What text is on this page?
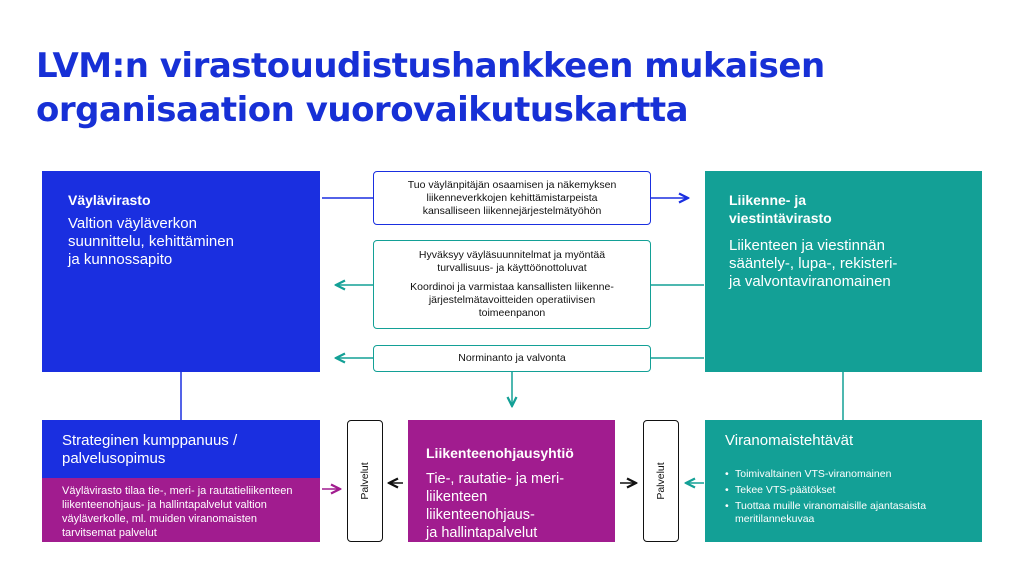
LVM:n virastouudistushankkeen mukaisen
organisaation vuorovaikutuskartta
Väylävirasto
Valtion väyläverkon
suunnittelu, kehittäminen
ja kunnossapito
Liikenne- ja
viestintävirasto
Liikenteen ja viestinnän
sääntely-, lupa-, rekisteri-
ja valvontaviranomainen
Tuo väylänpitäjän osaamisen ja näkemyksen
liikenneverkkojen kehittämistarpeista
kansalliseen liikennejärjestelmätyöhön
Hyväksyy väyläsuunnitelmat ja myöntää
turvallisuus- ja käyttöönottoluvat
Koordinoi ja varmistaa kansallisten liikenne-
järjestelmätavoitteiden operatiivisen
toimeenpanon
Norminanto ja valvonta
Strateginen kumppanuus /
palvelusopimus
Väylävirasto tilaa tie-, meri- ja rautatieliikenteen
liikenteenohjaus- ja hallintapalvelut valtion
väyläverkolle, ml. muiden viranomaisten
tarvitsemat palvelut
Palvelut
Liikenteenohjausyhtiö
Tie-, rautatie- ja meri-
liikenteen liikenteenohjaus-
ja hallintapalvelut
Palvelut
Viranomaistehtävät
• Toimivaltainen VTS-viranomainen
• Tekee VTS-päätökset
• Tuottaa muille viranomaisille ajantasaista
meritilannekuvaa
